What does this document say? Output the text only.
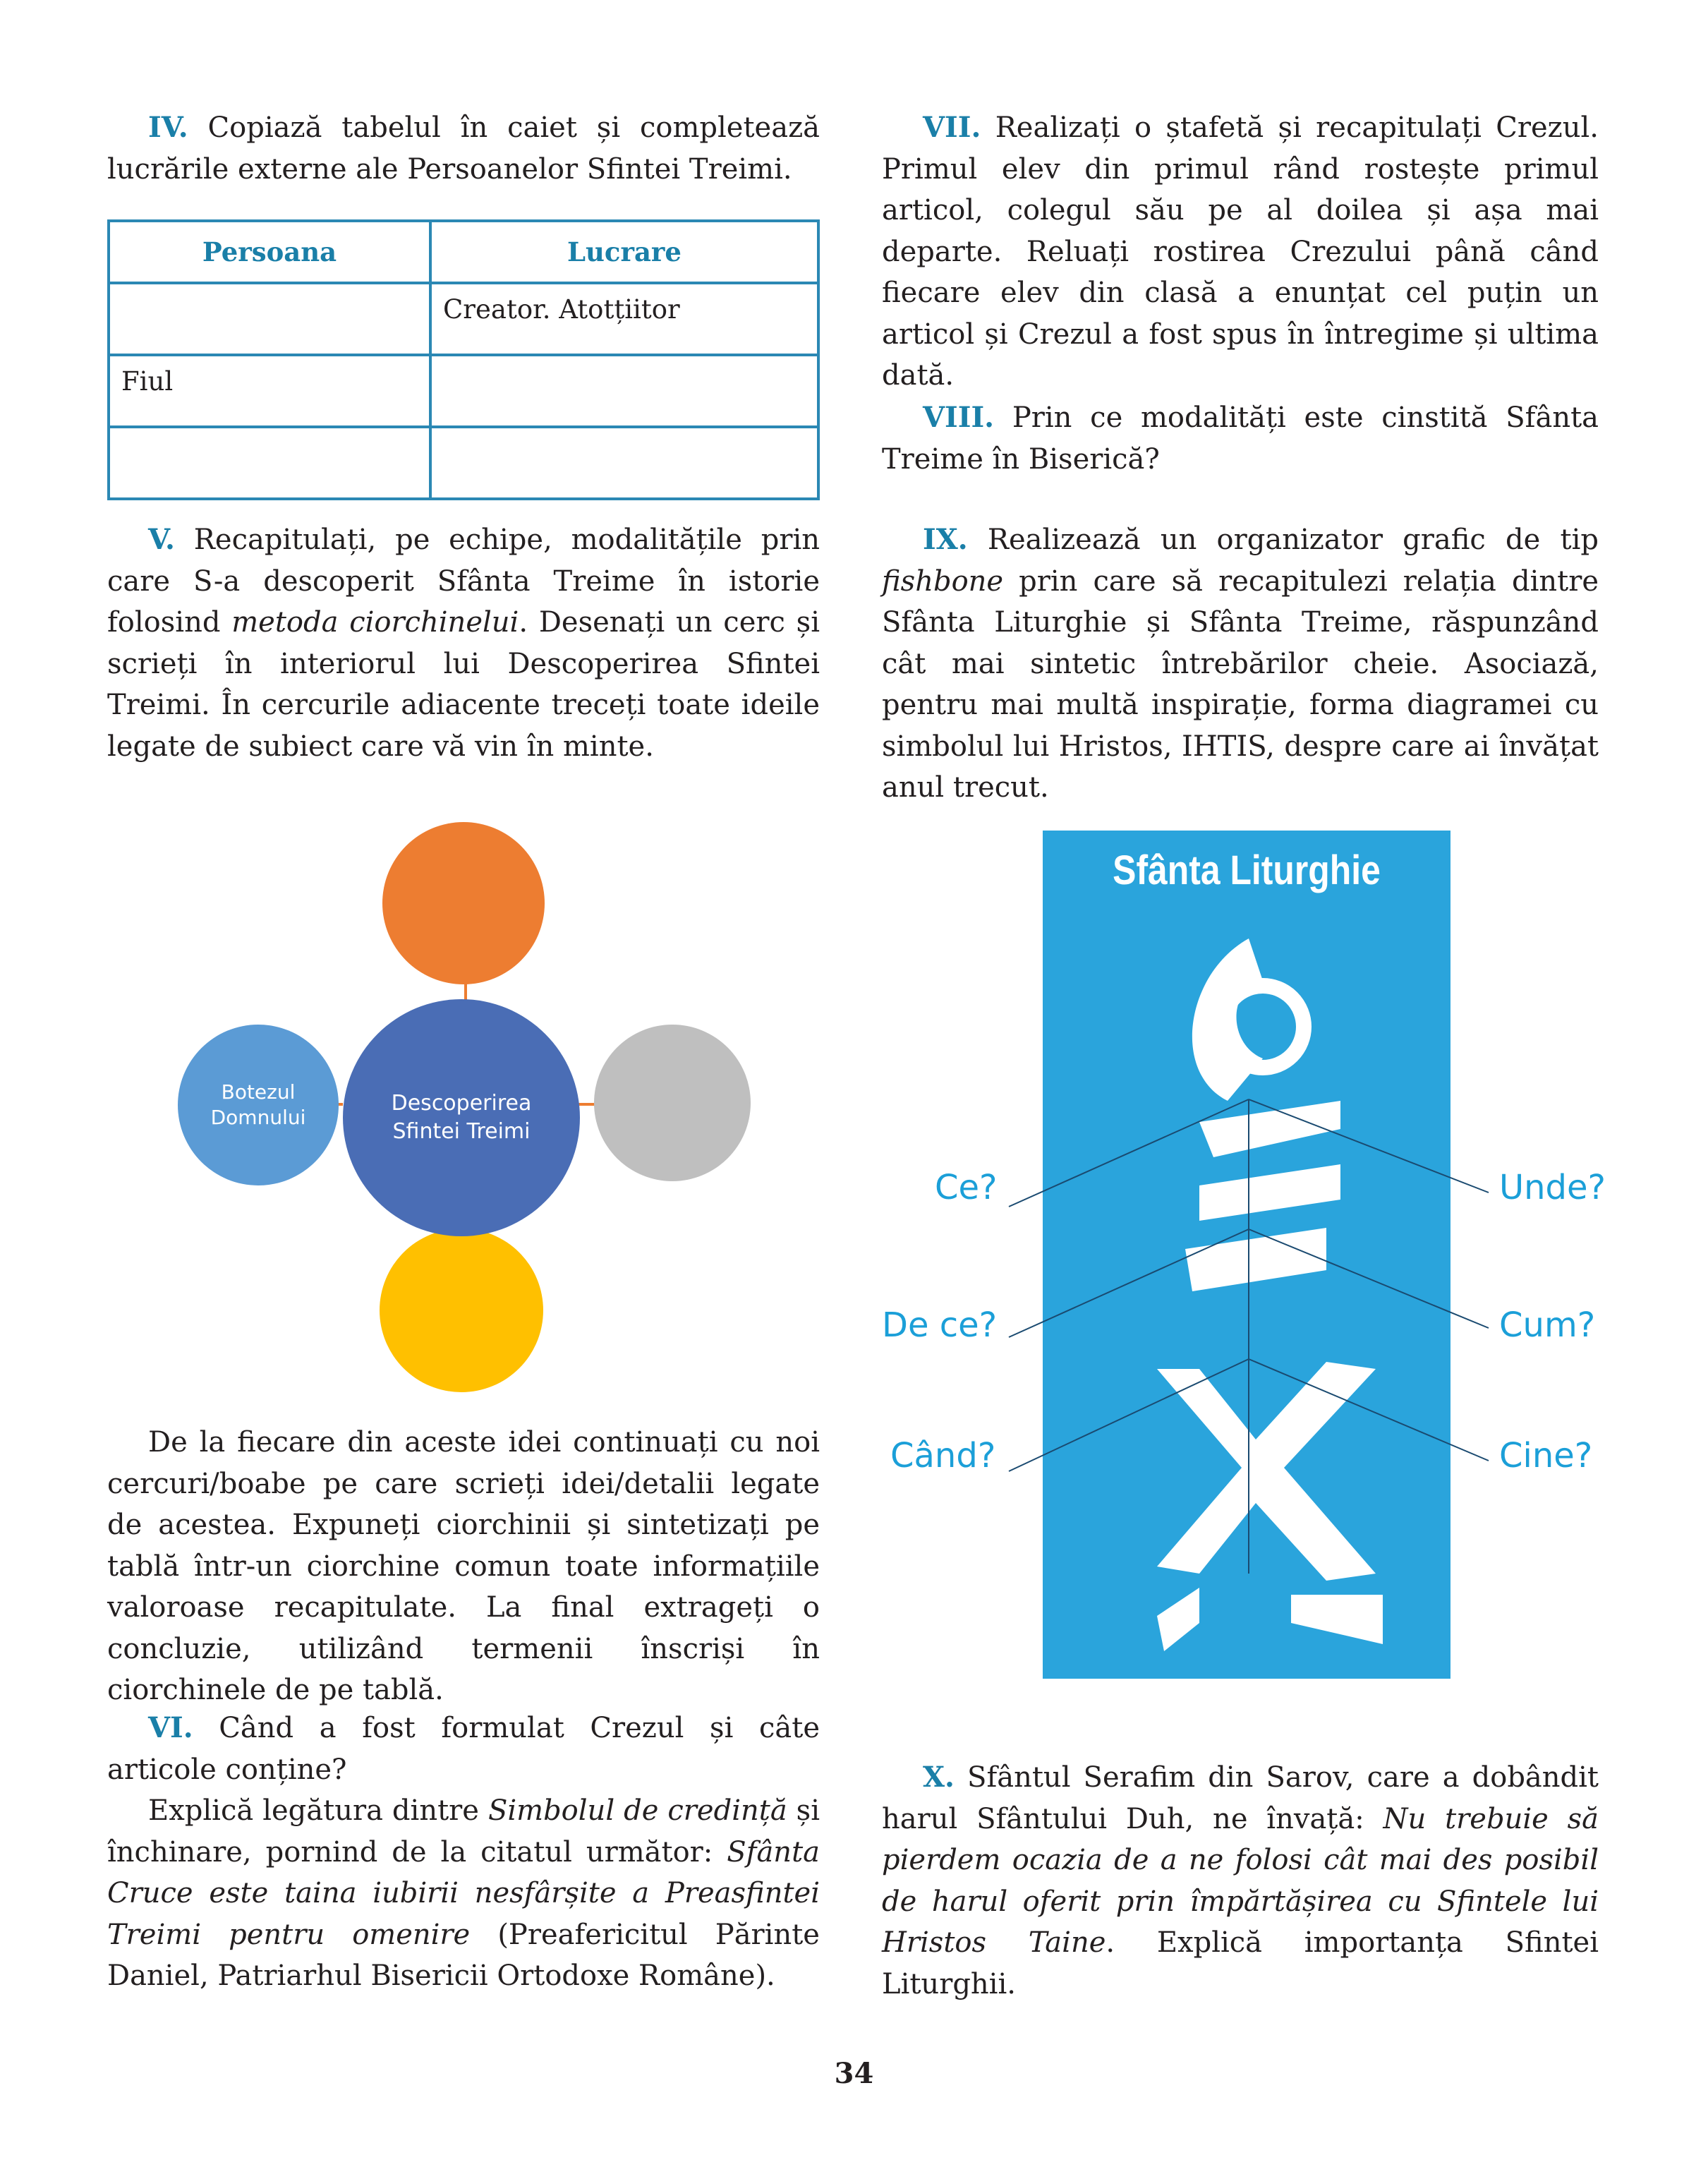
IV. Copiază tabelul în caiet și completează lucrările externe ale Persoanelor Sfintei Treimi.

Persoana	Lucrare
	Creator. Atotțiitor
Fiul	

V. Recapitulați, pe echipe, modalitățile prin care S-a descoperit Sfânta Treime în istorie folosind metoda ciorchinelui. Desenați un cerc și scrieți în interiorul lui Descoperirea Sfintei Treimi. În cercurile adiacente treceți toate ideile legate de subiect care vă vin în minte.

Botezul Domnului
Descoperirea Sfintei Treimi

De la fiecare din aceste idei continuați cu noi cercuri/boabe pe care scrieți idei/detalii legate de acestea. Expuneți ciorchinii și sintetizați pe tablă într-un ciorchine comun toate informațiile valoroase recapitulate. La final extrageți o concluzie, utilizând termenii înscriși în ciorchinele de pe tablă.

VI. Când a fost formulat Crezul și câte articole conține?

Explică legătura dintre Simbolul de credință și închinare, pornind de la citatul următor: Sfânta Cruce este taina iubirii nesfârșite a Preasfintei Treimi pentru omenire (Preafericitul Părinte Daniel, Patriarhul Bisericii Ortodoxe Române).

VII. Realizați o ștafetă și recapitulați Crezul. Primul elev din primul rând rostește primul articol, colegul său pe al doilea și așa mai departe. Reluați rostirea Crezului până când fiecare elev din clasă a enunțat cel puțin un articol și Crezul a fost spus în întregime și ultima dată.

VIII. Prin ce modalități este cinstită Sfânta Treime în Biserică?

IX. Realizează un organizator grafic de tip fishbone prin care să recapitulezi relația dintre Sfânta Liturghie și Sfânta Treime, răspunzând cât mai sintetic întrebărilor cheie. Asociază, pentru mai multă inspirație, forma diagramei cu simbolul lui Hristos, IHTIS, despre care ai învățat anul trecut.

Sfânta Liturghie
Ce?
De ce?
Când?
Unde?
Cum?
Cine?

X. Sfântul Serafim din Sarov, care a dobândit harul Sfântului Duh, ne învață: Nu trebuie să pierdem ocazia de a ne folosi cât mai des posibil de harul oferit prin împărtășirea cu Sfintele lui Hristos Taine. Explică importanța Sfintei Liturghii.

34
